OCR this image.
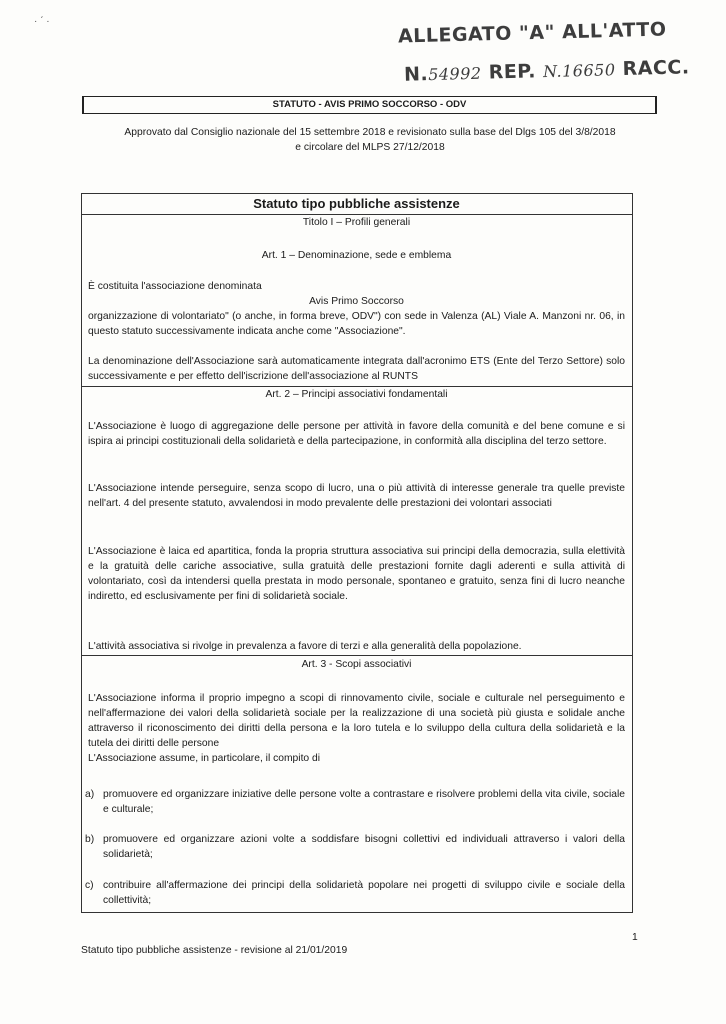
· ˊ ·	ALLEGATO "A" ALL'ATTO
N.54992 REP. N.16650 RACC.
STATUTO - AVIS PRIMO SOCCORSO - ODV
Approvato dal Consiglio nazionale del 15 settembre 2018 e revisionato sulla base del Dlgs 105 del 3/8/2018
e circolare del MLPS 27/12/2018
Statuto tipo pubbliche assistenze
Titolo I – Profili generali
Art. 1 – Denominazione, sede e emblema
È costituita l'associazione denominata
Avis Primo Soccorso
organizzazione di volontariato" (o anche, in forma breve, ODV") con sede in Valenza (AL) Viale A. Manzoni nr. 06, in questo statuto successivamente indicata anche come "Associazione".
La denominazione dell'Associazione sarà automaticamente integrata dall'acronimo ETS (Ente del Terzo Settore) solo successivamente e per effetto dell'iscrizione dell'associazione al RUNTS
Art. 2 – Principi associativi fondamentali
L'Associazione è luogo di aggregazione delle persone per attività in favore della comunità e del bene comune e si ispira ai principi costituzionali della solidarietà e della partecipazione, in conformità alla disciplina del terzo settore.
L'Associazione intende perseguire, senza scopo di lucro, una o più attività di interesse generale tra quelle previste nell'art. 4 del presente statuto, avvalendosi in modo prevalente delle prestazioni dei volontari associati
L'Associazione è laica ed apartitica, fonda la propria struttura associativa sui principi della democrazia, sulla elettività e la gratuità delle cariche associative, sulla gratuità delle prestazioni fornite dagli aderenti e sulla attività di volontariato, così da intendersi quella prestata in modo personale, spontaneo e gratuito, senza fini di lucro neanche indiretto, ed esclusivamente per fini di solidarietà sociale.
L'attività associativa si rivolge in prevalenza a favore di terzi e alla generalità della popolazione.
Art. 3 - Scopi associativi
L'Associazione informa il proprio impegno a scopi di rinnovamento civile, sociale e culturale nel perseguimento e nell'affermazione dei valori della solidarietà sociale per la realizzazione di una società più giusta e solidale anche attraverso il riconoscimento dei diritti della persona e la loro tutela e lo sviluppo della cultura della solidarietà e la tutela dei diritti delle persone
L'Associazione assume, in particolare, il compito di
a) promuovere ed organizzare iniziative delle persone volte a contrastare e risolvere problemi della vita civile, sociale e culturale;
b) promuovere ed organizzare azioni volte a soddisfare bisogni collettivi ed individuali attraverso i valori della solidarietà;
c) contribuire all'affermazione dei principi della solidarietà popolare nei progetti di sviluppo civile e sociale della collettività;
1
Statuto tipo pubbliche assistenze - revisione al 21/01/2019
